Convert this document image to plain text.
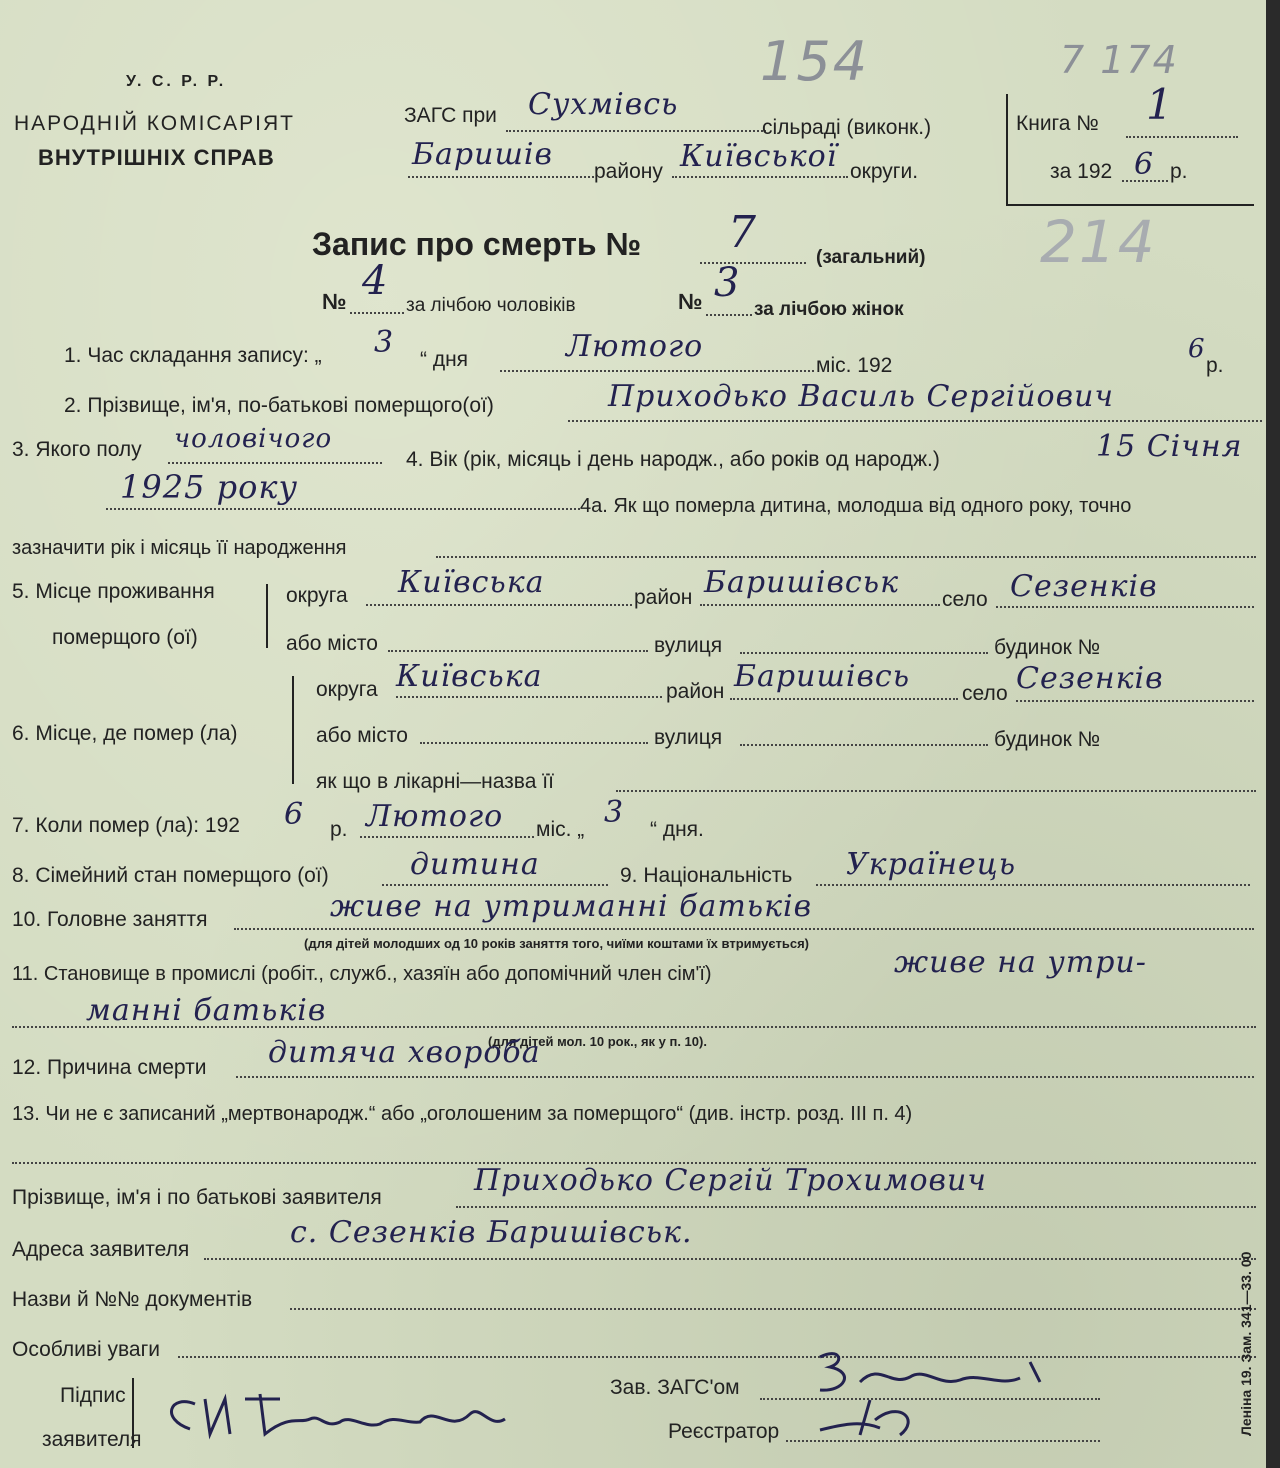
154	7 174
214
У. С. Р. Р.
НАРОДНІЙ КОМІСАРІЯТ
ВНУТРІШНІХ СПРАВ
ЗАГС при Сухмівсь
сільраді (виконк.)
Баришів району Київської округи.
Книга № 1
за 192 6 р.
Запис про смерть № 7	(загальний)
№ 4
за лічбою чоловіків	№ 3
за лічбою жінок
1. Час складання запису: „ 3 “ дня	Лютого
міс. 192
6
р.
2. Прізвище, ім'я, по-батькові померщого(ої)	Приходько Василь Сергійович
3. Якого полу чоловічого
4. Вік (рік, місяць і день народж., або років од народж.)	15 Січня
1925 року	4а. Як що померла дитина, молодша від одного року, точно
зазначити рік і місяць її народження
5. Місце проживання
померщого (ої)
округа Київська	район Баришівськ село Сезенків
або місто	вулиця	будинок №
6. Місце, де помер (ла)
округа Київська	район Баришівсь село Сезенків
або місто	вулиця	будинок №
як що в лікарні—назва її
7. Коли помер (ла): 192 6 р. Лютого міс. „ 3 “ дня.
8. Сімейний стан померщого (ої)	дитина	9. Національність Українець
10. Головне заняття	живе на утриманні батьків
(для дітей молодших од 10 років заняття того, чиїми коштами їх втримується)
11. Становище в промислі (робіт., служб., хазяїн або допомічний член сім'ї)	живе на утри-
манні батьків
(для дітей мол. 10 рок., як у п. 10).
12. Причина смерти дитяча хвороба
13. Чи не є записаний „мертвонародж.“ або „оголошеним за померщого“ (див. інстр. розд. III п. 4)
Прізвище, ім'я і по батькові заявителя	Приходько Сергій Трохимович
Адреса заявителя	с. Сезенків Баришівськ.
Назви й №№ документів
Особливі уваги
Підпис
заявителя
Зав. ЗАГС'ом
Реєстратор	Леніна 19. Зам. 341—33. 00
